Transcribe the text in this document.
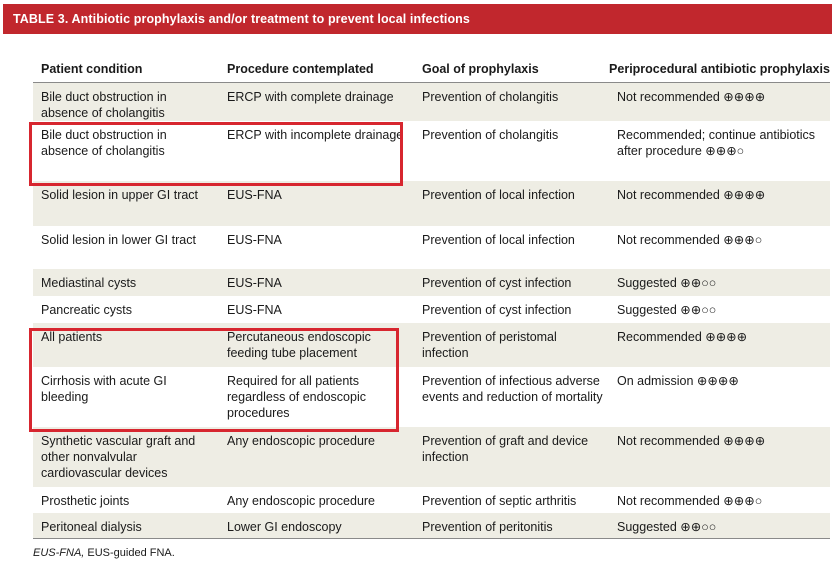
TABLE 3. Antibiotic prophylaxis and/or treatment to prevent local infections
Patient condition	Procedure contemplated	Goal of prophylaxis	Periprocedural antibiotic prophylaxis
Bile duct obstruction in absence of cholangitis	ERCP with complete drainage	Prevention of cholangitis	Not recommended ⊕⊕⊕⊕
Bile duct obstruction in absence of cholangitis	ERCP with incomplete drainage	Prevention of cholangitis	Recommended; continue antibiotics after procedure ⊕⊕⊕○
Solid lesion in upper GI tract	EUS-FNA	Prevention of local infection	Not recommended ⊕⊕⊕⊕
Solid lesion in lower GI tract	EUS-FNA	Prevention of local infection	Not recommended ⊕⊕⊕○
Mediastinal cysts	EUS-FNA	Prevention of cyst infection	Suggested ⊕⊕○○
Pancreatic cysts	EUS-FNA	Prevention of cyst infection	Suggested ⊕⊕○○
All patients	Percutaneous endoscopic feeding tube placement	Prevention of peristomal infection	Recommended ⊕⊕⊕⊕
Cirrhosis with acute GI bleeding	Required for all patients regardless of endoscopic procedures	Prevention of infectious adverse events and reduction of mortality	On admission ⊕⊕⊕⊕
Synthetic vascular graft and other nonvalvular cardiovascular devices	Any endoscopic procedure	Prevention of graft and device infection	Not recommended ⊕⊕⊕⊕
Prosthetic joints	Any endoscopic procedure	Prevention of septic arthritis	Not recommended ⊕⊕⊕○
Peritoneal dialysis	Lower GI endoscopy	Prevention of peritonitis	Suggested ⊕⊕○○
EUS-FNA, EUS-guided FNA.
